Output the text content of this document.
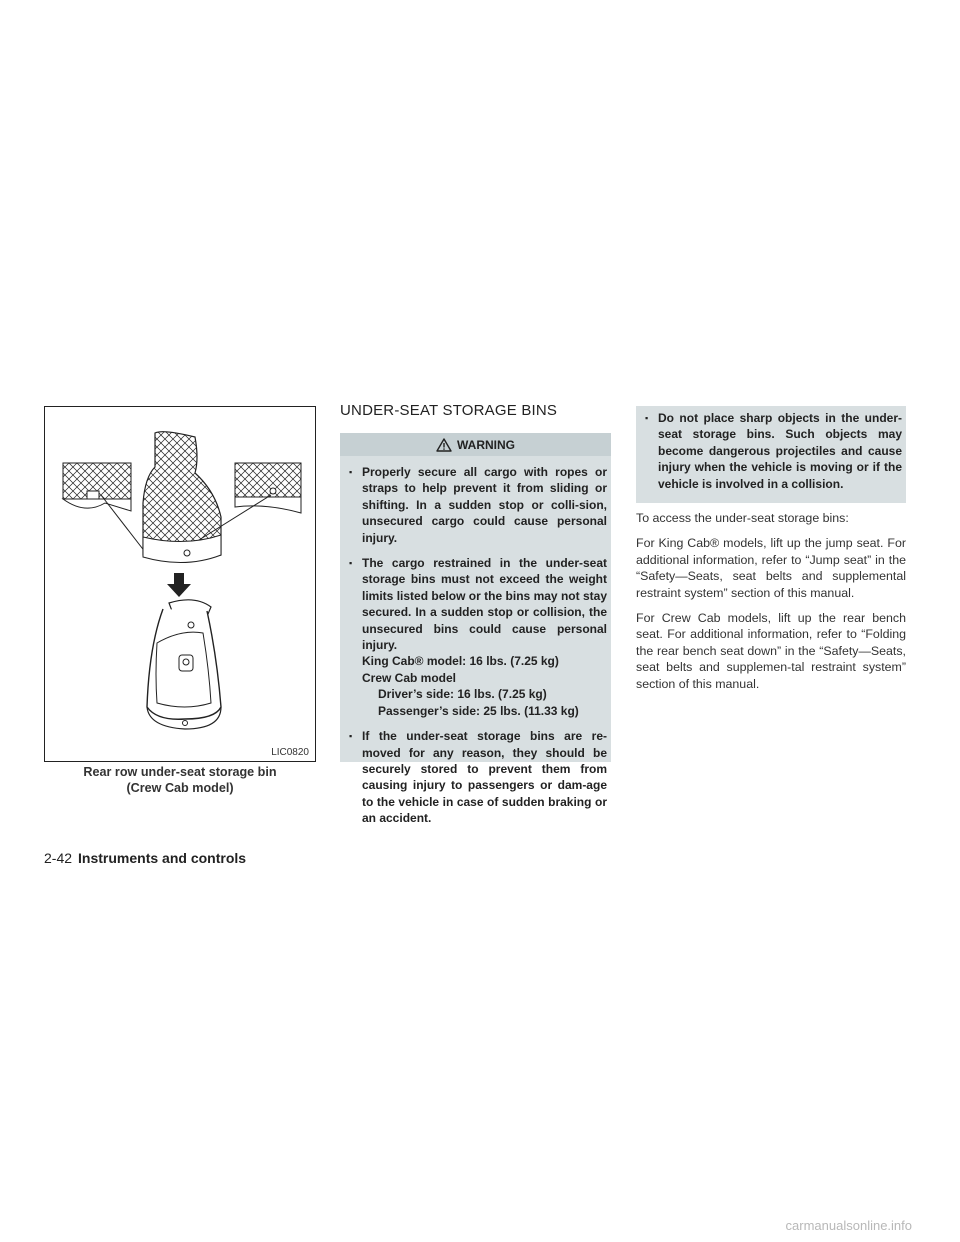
LIC0820
Rear row under-seat storage bin
(Crew Cab model)
UNDER-SEAT STORAGE BINS
WARNING
▪ Properly secure all cargo with ropes or straps to help prevent it from sliding or shifting. In a sudden stop or colli-sion, unsecured cargo could cause personal injury.
▪ The cargo restrained in the under-seat storage bins must not exceed the weight limits listed below or the bins may not stay secured. In a sudden stop or collision, the unsecured bins could cause personal injury.
King Cab® model: 16 lbs. (7.25 kg)
Crew Cab model
Driver’s side: 16 lbs. (7.25 kg)
Passenger’s side: 25 lbs. (11.33 kg)
▪ If the under-seat storage bins are re-moved for any reason, they should be securely stored to prevent them from causing injury to passengers or dam-age to the vehicle in case of sudden braking or an accident.

▪ Do not place sharp objects in the under-seat storage bins. Such objects may become dangerous projectiles and cause injury when the vehicle is moving or if the vehicle is involved in a collision.

To access the under-seat storage bins:

For King Cab® models, lift up the jump seat. For additional information, refer to “Jump seat” in the “Safety—Seats, seat belts and supplemental restraint system” section of this manual.

For Crew Cab models, lift up the rear bench seat. For additional information, refer to “Folding the rear bench seat down” in the “Safety—Seats, seat belts and supplemen-tal restraint system” section of this manual.

2-42 Instruments and controls
carmanualsonline.info
